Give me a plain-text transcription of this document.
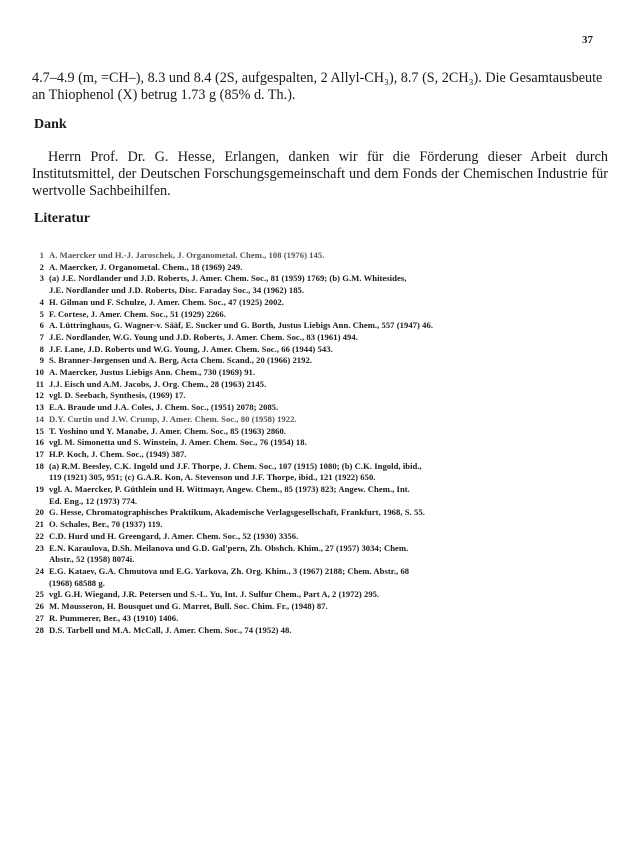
37
4.7–4.9 (m, =CH–), 8.3 und 8.4 (2S, aufgespalten, 2 Allyl-CH₃), 8.7 (S, 2CH₃). Die Gesamtausbeute an Thiophenol (X) betrug 1.73 g (85% d. Th.).
Dank
Herrn Prof. Dr. G. Hesse, Erlangen, danken wir für die Förderung dieser Arbeit durch Institutsmittel, der Deutschen Forschungsgemeinschaft und dem Fonds der Chemischen Industrie für wertvolle Sachbeihilfen.
Literatur
1 A. Maercker und H.-J. Jaroschek, J. Organometal. Chem., 108 (1976) 145.
2 A. Maercker, J. Organometal. Chem., 18 (1969) 249.
3 (a) J.E. Nordlander und J.D. Roberts, J. Amer. Chem. Soc., 81 (1959) 1769; (b) G.M. Whitesides,
J.E. Nordlander und J.D. Roberts, Disc. Faraday Soc., 34 (1962) 185.
4 H. Gilman und F. Schulze, J. Amer. Chem. Soc., 47 (1925) 2002.
5 F. Cortese, J. Amer. Chem. Soc., 51 (1929) 2266.
6 A. Lüttringhaus, G. Wagner-v. Sääf, E. Sucker und G. Borth, Justus Liebigs Ann. Chem., 557 (1947) 46.
7 J.E. Nordlander, W.G. Young und J.D. Roberts, J. Amer. Chem. Soc., 83 (1961) 494.
8 J.F. Lane, J.D. Roberts und W.G. Young, J. Amer. Chem. Soc., 66 (1944) 543.
9 S. Branner-Jørgensen und A. Berg, Acta Chem. Scand., 20 (1966) 2192.
10 A. Maercker, Justus Liebigs Ann. Chem., 730 (1969) 91.
11 J.J. Eisch und A.M. Jacobs, J. Org. Chem., 28 (1963) 2145.
12 vgl. D. Seebach, Synthesis, (1969) 17.
13 E.A. Braude und J.A. Coles, J. Chem. Soc., (1951) 2078; 2085.
14 D.Y. Curtin und J.W. Crump, J. Amer. Chem. Soc., 80 (1958) 1922.
15 T. Yoshino und Y. Manabe, J. Amer. Chem. Soc., 85 (1963) 2860.
16 vgl. M. Simonetta und S. Winstein, J. Amer. Chem. Soc., 76 (1954) 18.
17 H.P. Koch, J. Chem. Soc., (1949) 387.
18 (a) R.M. Beesley, C.K. Ingold und J.F. Thorpe, J. Chem. Soc., 107 (1915) 1080; (b) C.K. Ingold, ibid.,
119 (1921) 305, 951; (c) G.A.R. Kon, A. Stevenson und J.F. Thorpe, ibid., 121 (1922) 650.
19 vgl. A. Maercker, P. Güthlein und H. Wittmayr, Angew. Chem., 85 (1973) 823; Angew. Chem., Int.
Ed. Eng., 12 (1973) 774.
20 G. Hesse, Chromatographisches Praktikum, Akademische Verlagsgesellschaft, Frankfurt, 1968, S. 55.
21 O. Schales, Ber., 70 (1937) 119.
22 C.D. Hurd und H. Greengard, J. Amer. Chem. Soc., 52 (1930) 3356.
23 E.N. Karaulova, D.Sh. Meilanova und G.D. Gal'pern, Zh. Obshch. Khim., 27 (1957) 3034; Chem.
Abstr., 52 (1958) 8074i.
24 E.G. Kataev, G.A. Chmutova und E.G. Yarkova, Zh. Org. Khim., 3 (1967) 2188; Chem. Abstr., 68
(1968) 68588 g.
25 vgl. G.H. Wiegand, J.R. Petersen und S.-L. Yu, Int. J. Sulfur Chem., Part A, 2 (1972) 295.
26 M. Mousseron, H. Bousquet und G. Marret, Bull. Soc. Chim. Fr., (1948) 87.
27 R. Pummerer, Ber., 43 (1910) 1406.
28 D.S. Tarbell und M.A. McCall, J. Amer. Chem. Soc., 74 (1952) 48.
